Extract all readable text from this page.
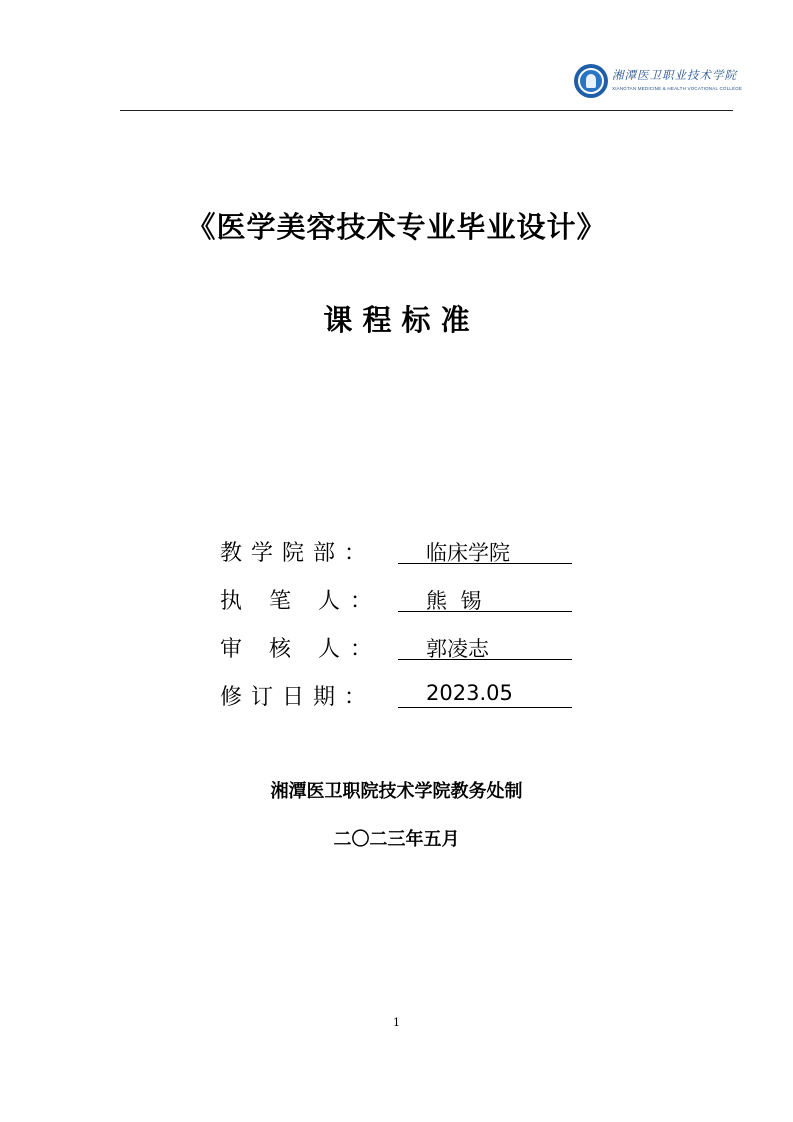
湘潭医卫职业技术学院
XIANGTAN MEDICINE & HEALTH VOCATIONAL COLLEGE
《医学美容技术专业毕业设计》
课 程 标 准
教学院部： 临床学院
执 笔 人： 熊  锡
审 核 人： 郭凌志
修订日期： 2023.05
湘潭医卫职院技术学院教务处制
二〇二三年五月
1
